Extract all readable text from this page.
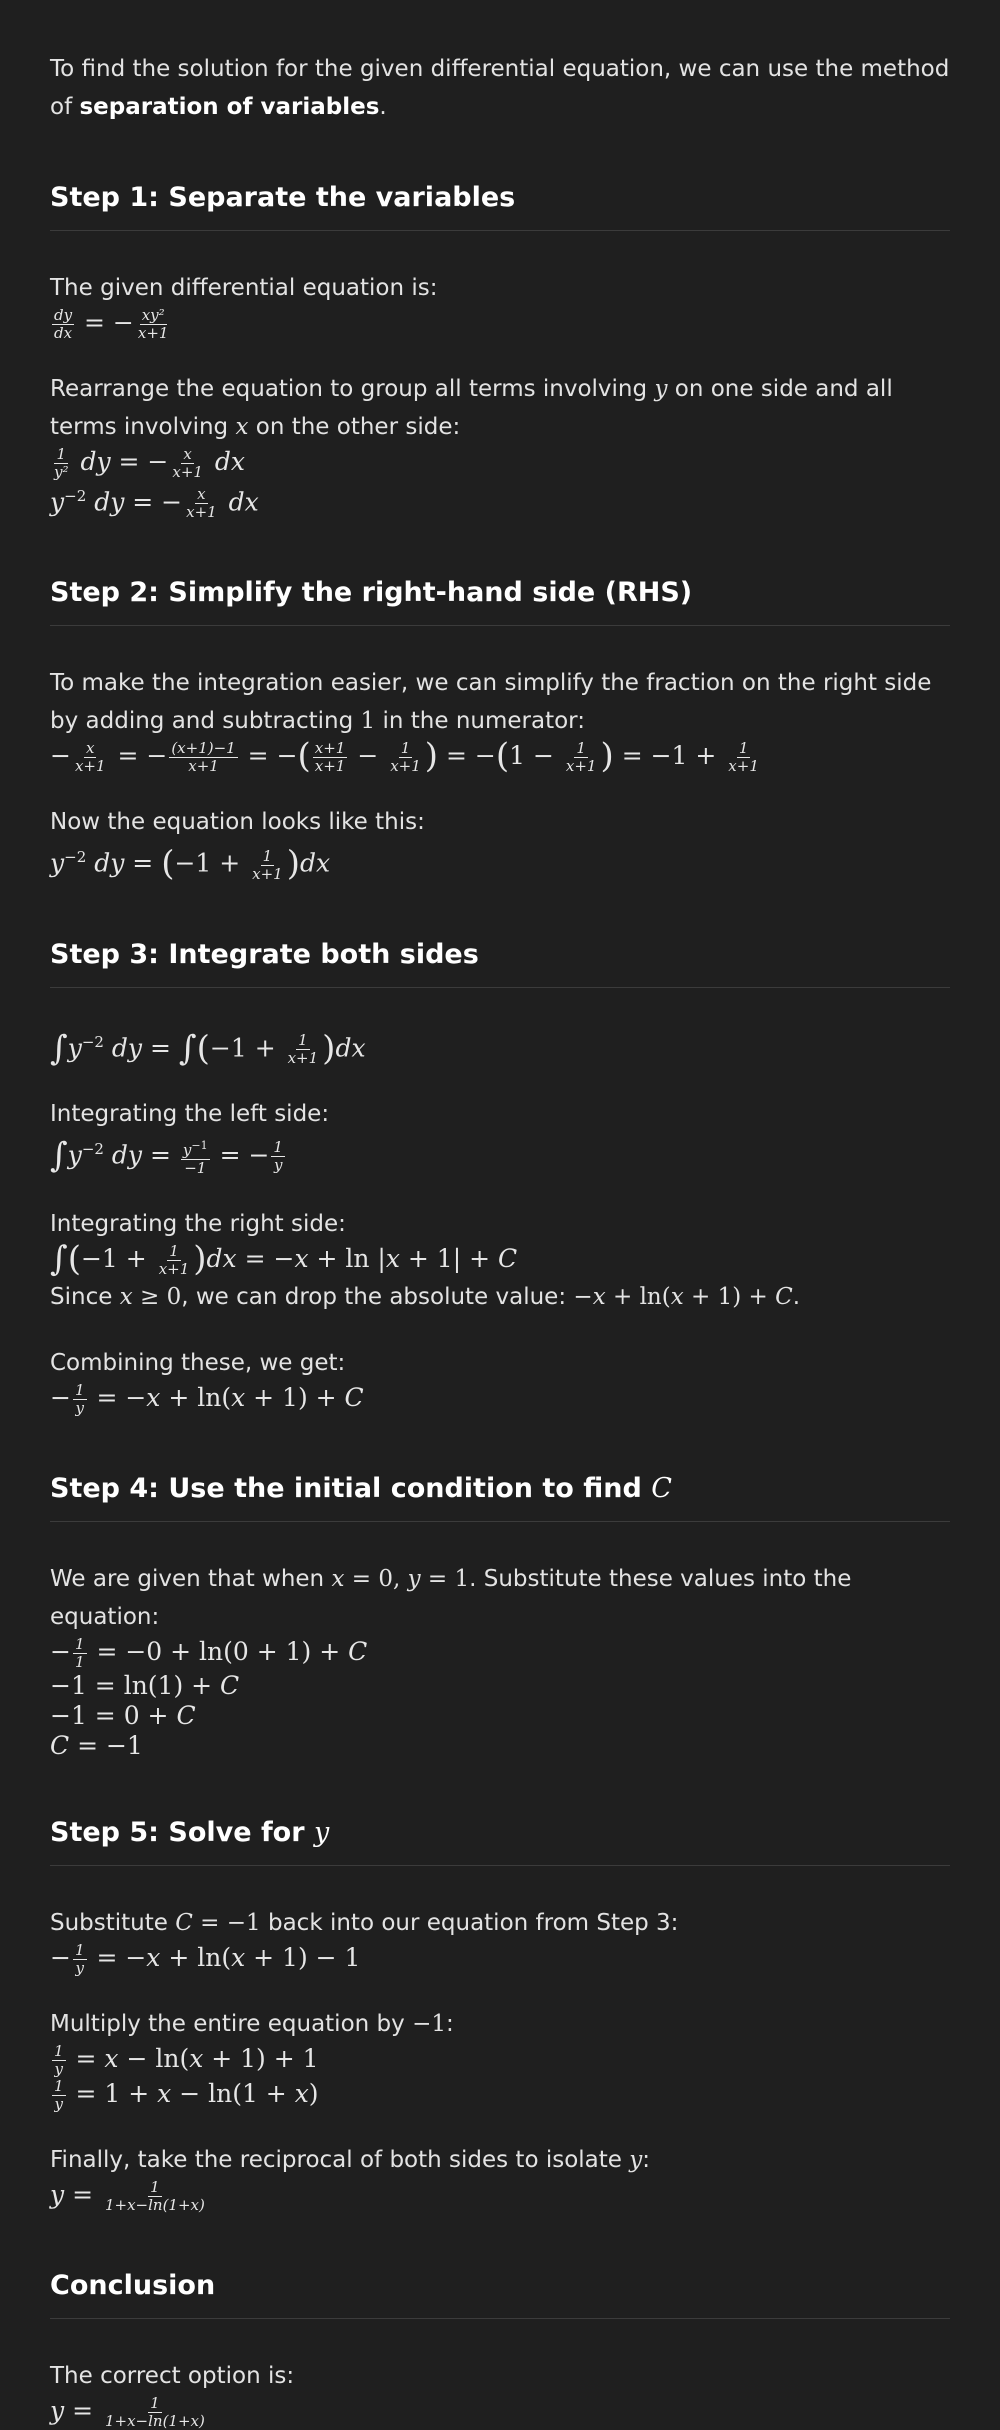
To find the solution for the given differential equation, we can use the method of separation of variables.

Step 1: Separate the variables

The given differential equation is:

$\frac{dy}{dx}$ = − $\frac{\text{xy²}}{x+1}$

Rearrange the equation to group all terms involving y on one side and all terms involving x on the other side:

$\frac{1}{\text{y²}}$ dy = − $\frac{x}{x+1}$ dx
$y^{-2}$ dy = − $\frac{x}{x+1}$ dx
Step 2: Simplify the right-hand side (RHS)

To make the integration easier, we can simplify the fraction on the right side by adding and subtracting 1 in the numerator:

− $\frac{x}{x+1}$ = − $\frac{(x+1)-1}{x+1}$ = −( $\frac{x+1}{x+1} - \frac{1}{x+1}$ ) = $-(1 - \frac{1}{x+1}$ ) = $-1 + \frac{1}{x+1}$

Now the equation looks like this:

$y^{-2}$ dy = $(-1 + \frac{1}{x+1} )dx$
Step 3: Integrate both sides
$\int y^{-2}$ dy = $\int(-1 + \frac{1}{x+1} )dx$

Integrating the left side:

$\int y^{-2}$ dy = $\frac{y^{-1}}{-1}$ = − $\frac{1}{y}$

Integrating the right side:

$\int(-1 + \frac{1}{x+1} )dx = -x + \ln |x + 1| + C$

Since x ≥ 0, we can drop the absolute value: −x + ln(x + 1) + C.

Combining these, we get:

− $\frac{1}{y} = -x + \ln(x + 1) + C$
Step 4: Use the initial condition to find C

We are given that when x = 0, y = 1. Substitute these values into the equation:

− $\frac{1}{1} = -0 + \ln(0 + 1) + C$
−1 = ln(1) + C
−1 = 0 + C
C = −1
Step 5: Solve for y

Substitute C = −1 back into our equation from Step 3:

− $\frac{1}{y} = -x + \ln(x + 1) - 1$

Multiply the entire equation by −1:

$\frac{1}{y} = x - \ln(x + 1) + 1$
$\frac{1}{y} = 1 + x - \ln(1 + x)$

Finally, take the reciprocal of both sides to isolate y:

$y = \frac{1}{1+x-\ln(1+x)}$
Conclusion

The correct option is:

$y = \frac{1}{1+x-\ln(1+x)}$
